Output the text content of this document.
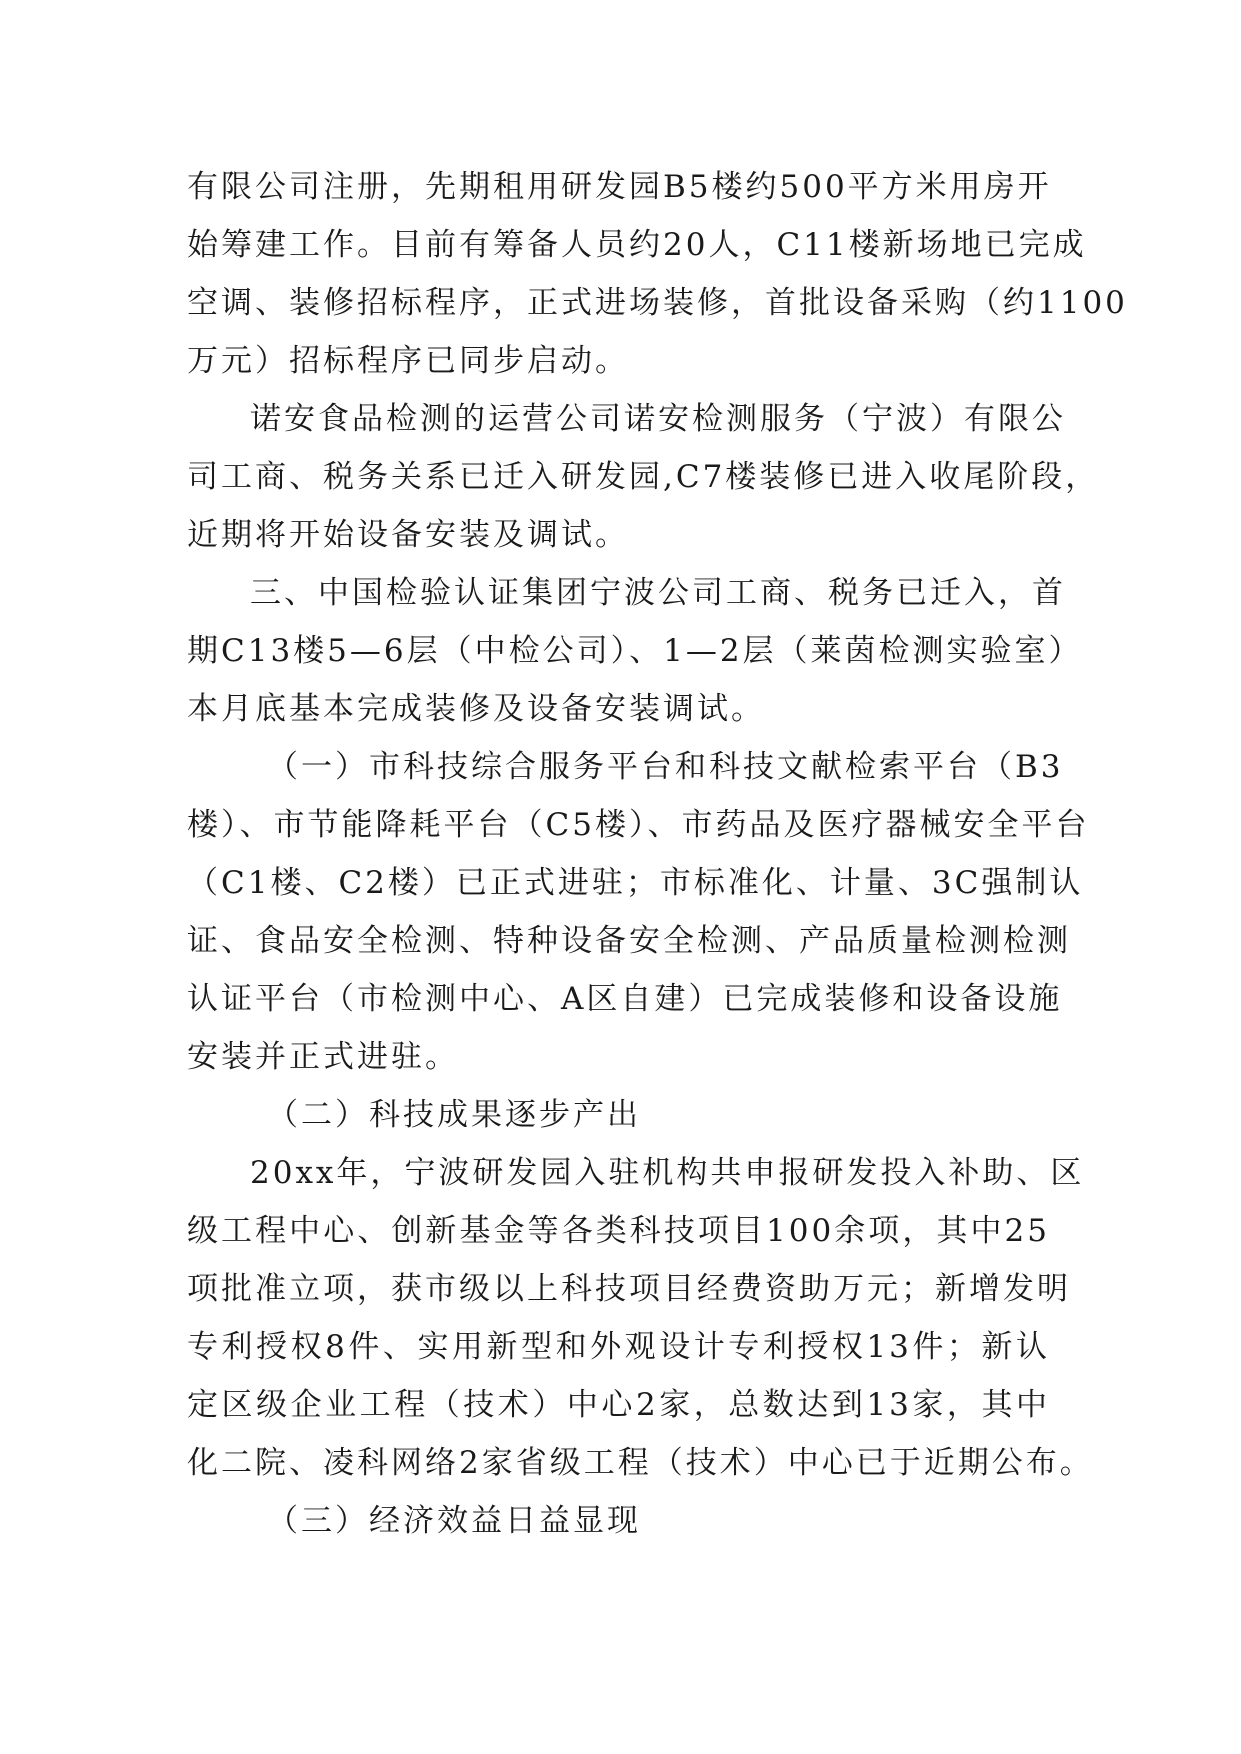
有限公司注册，先期租用研发园B5楼约500平方米用房开
始筹建工作。目前有筹备人员约20人，C11楼新场地已完成
空调、装修招标程序，正式进场装修，首批设备采购（约1100
万元）招标程序已同步启动。
诺安食品检测的运营公司诺安检测服务（宁波）有限公
司工商、税务关系已迁入研发园,C7楼装修已进入收尾阶段，
近期将开始设备安装及调试。
三、中国检验认证集团宁波公司工商、税务已迁入，首
期C13楼5—6层（中检公司）、1—2层（莱茵检测实验室）
本月底基本完成装修及设备安装调试。
（一）市科技综合服务平台和科技文献检索平台（B3
楼）、市节能降耗平台（C5楼）、市药品及医疗器械安全平台
（C1楼、C2楼）已正式进驻；市标准化、计量、3C强制认
证、食品安全检测、特种设备安全检测、产品质量检测检测
认证平台（市检测中心、A区自建）已完成装修和设备设施
安装并正式进驻。
（二）科技成果逐步产出
20xx年，宁波研发园入驻机构共申报研发投入补助、区
级工程中心、创新基金等各类科技项目100余项，其中25
项批准立项，获市级以上科技项目经费资助万元；新增发明
专利授权8件、实用新型和外观设计专利授权13件；新认
定区级企业工程（技术）中心2家，总数达到13家，其中
化二院、凌科网络2家省级工程（技术）中心已于近期公布。
（三）经济效益日益显现
